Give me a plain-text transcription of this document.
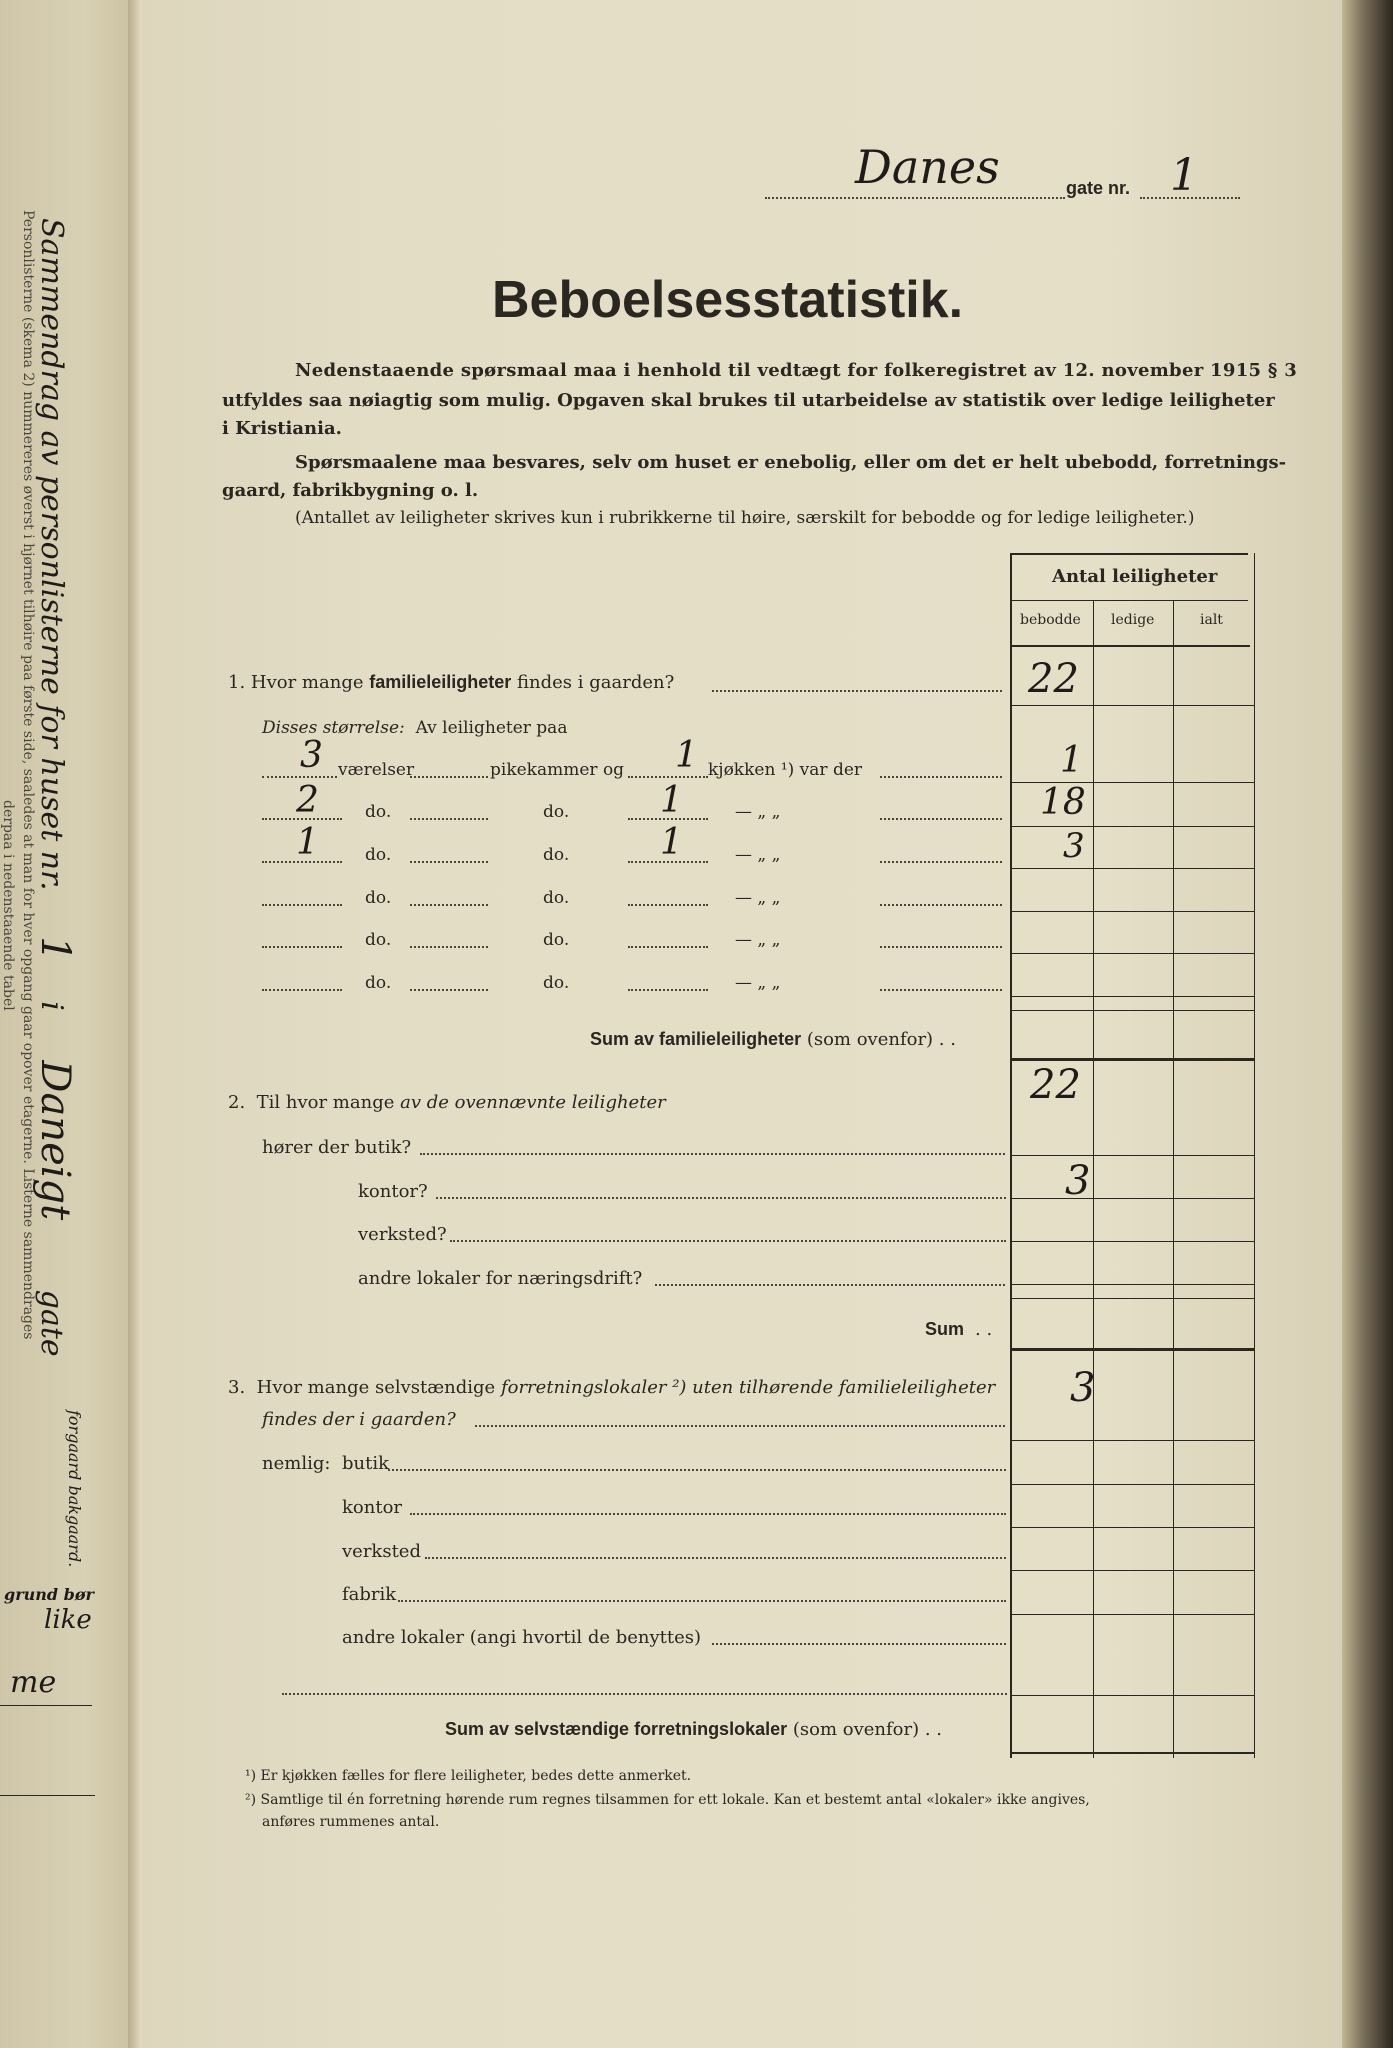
Sammendrag av personlisterne for huset nr. 1 i Daneigt gate
Personlisterne (skema 2) nummereres øverst i hjørnet tilhøire paa første side, saaledes at man for hver opgang gaar opover etagerne. Listerne sammendrages
derpaa i nedenstaaende tabel
forgaard bakgaard.
grund bør
like
me
Danes	gate nr. 1
Beboelsesstatistik.
Nedenstaaende spørsmaal maa i henhold til vedtægt for folkeregistret av 12. november 1915 § 3
utfyldes saa nøiagtig som mulig. Opgaven skal brukes til utarbeidelse av statistik over ledige leiligheter
i Kristiania.
Spørsmaalene maa besvares, selv om huset er enebolig, eller om det er helt ubebodd, forretnings-
gaard, fabrikbygning o. l.
(Antallet av leiligheter skrives kun i rubrikkerne til høire, særskilt for bebodde og for ledige leiligheter.)
Antal leiligheter
bebodde ledige	ialt
1. Hvor mange familieleiligheter findes i gaarden?	22
Disses størrelse: Av leiligheter paa
3 værelser	pikekammer og 1 kjøkken ¹) var der	1
2	do.	do.	1	— „ „	18
1	do.	do.	1	— „ „	3
do.	do.	— „ „
do.	do.	— „ „
do.	do.	— „ „
Sum av familieleiligheter (som ovenfor) . .
2. Til hvor mange av de ovennævnte leiligheter	22
hører der butik?
kontor?	3
verksted?
andre lokaler for næringsdrift?
Sum . .
3. Hvor mange selvstændige forretningslokaler ²) uten tilhørende familieleiligheter
findes der i gaarden?
3
nemlig: butik
kontor
verksted
fabrik
andre lokaler (angi hvortil de benyttes)
Sum av selvstændige forretningslokaler (som ovenfor) . .
¹) Er kjøkken fælles for flere leiligheter, bedes dette anmerket.
²) Samtlige til én forretning hørende rum regnes tilsammen for ett lokale. Kan et bestemt antal «lokaler» ikke angives,
anføres rummenes antal.
